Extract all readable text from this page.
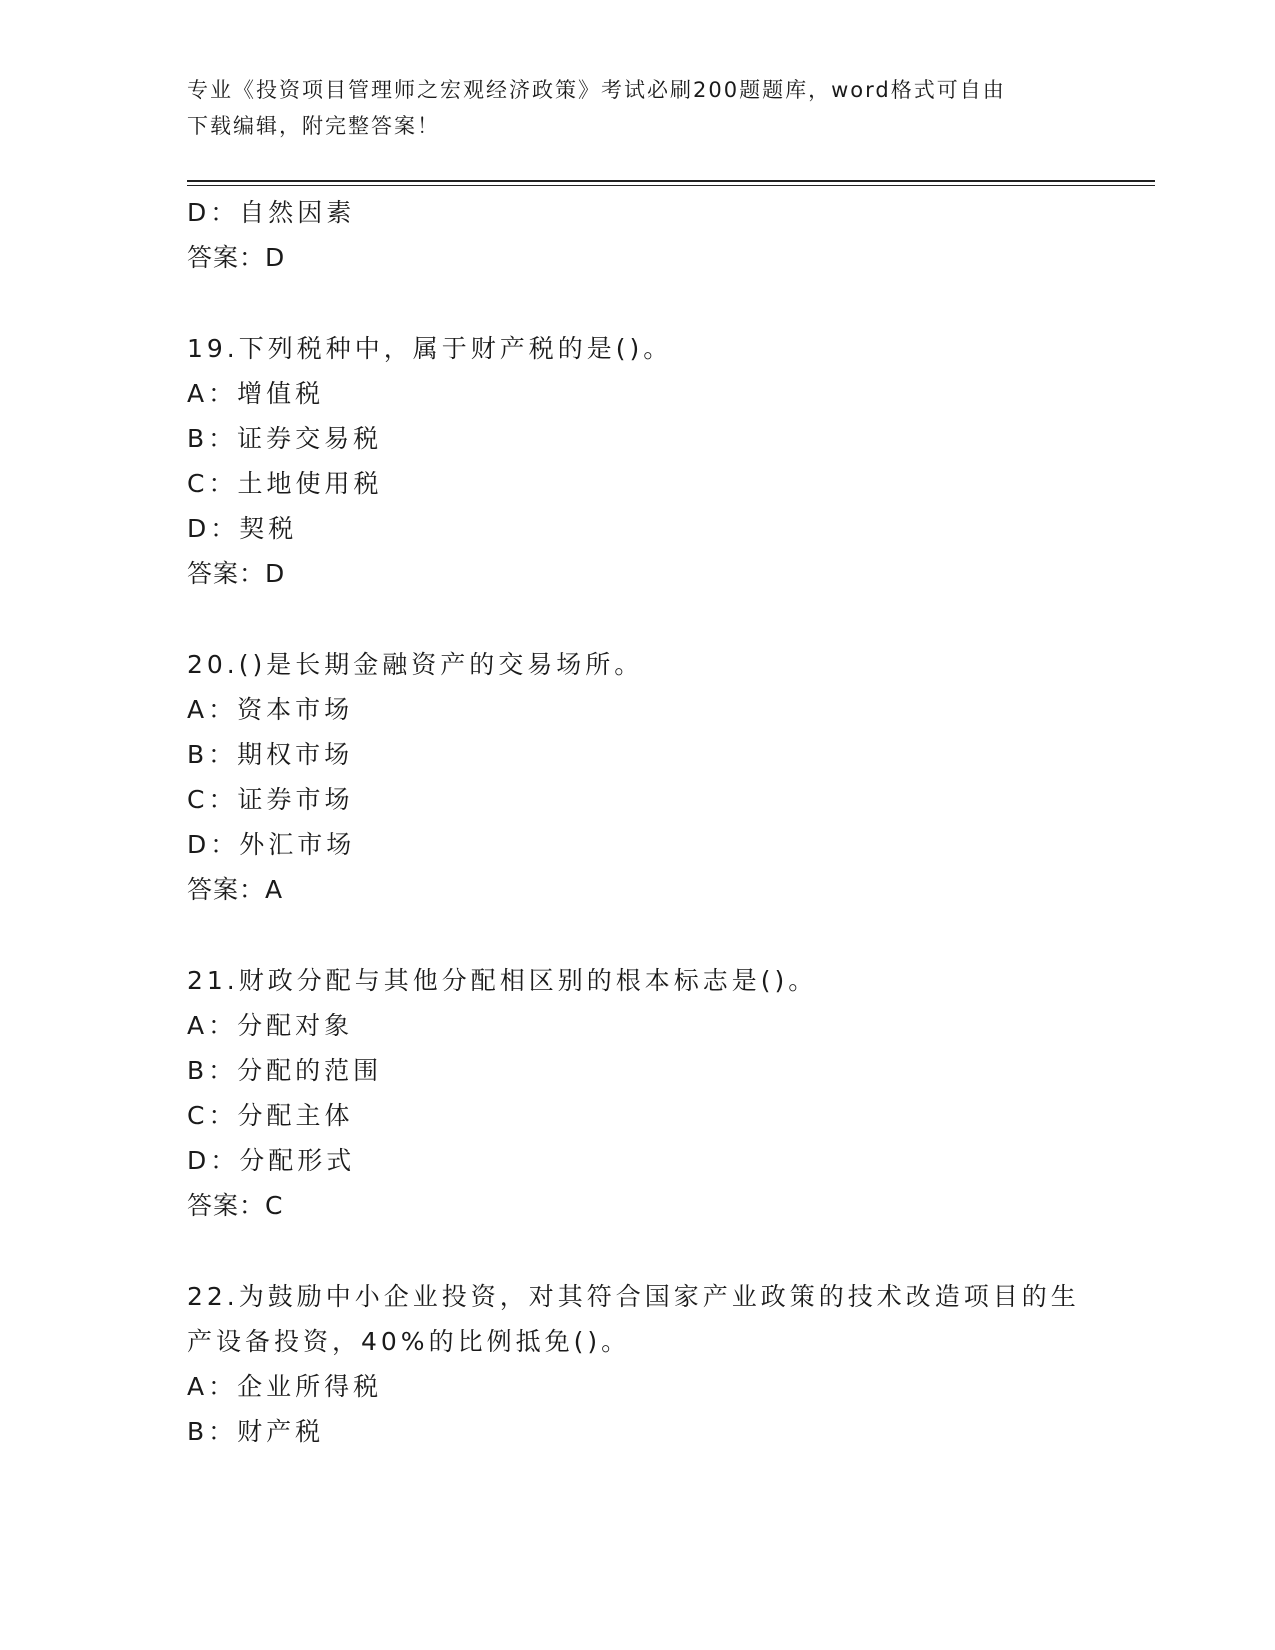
专业《投资项目管理师之宏观经济政策》考试必刷200题题库，word格式可自由
下载编辑，附完整答案！
D：自然因素
答案：D
19.下列税种中，属于财产税的是()。
A：增值税
B：证券交易税
C：土地使用税
D：契税
答案：D
20.()是长期金融资产的交易场所。
A：资本市场
B：期权市场
C：证券市场
D：外汇市场
答案：A
21.财政分配与其他分配相区别的根本标志是()。
A：分配对象
B：分配的范围
C：分配主体
D：分配形式
答案：C
22.为鼓励中小企业投资，对其符合国家产业政策的技术改造项目的生
产设备投资，40%的比例抵免()。
A：企业所得税
B：财产税
